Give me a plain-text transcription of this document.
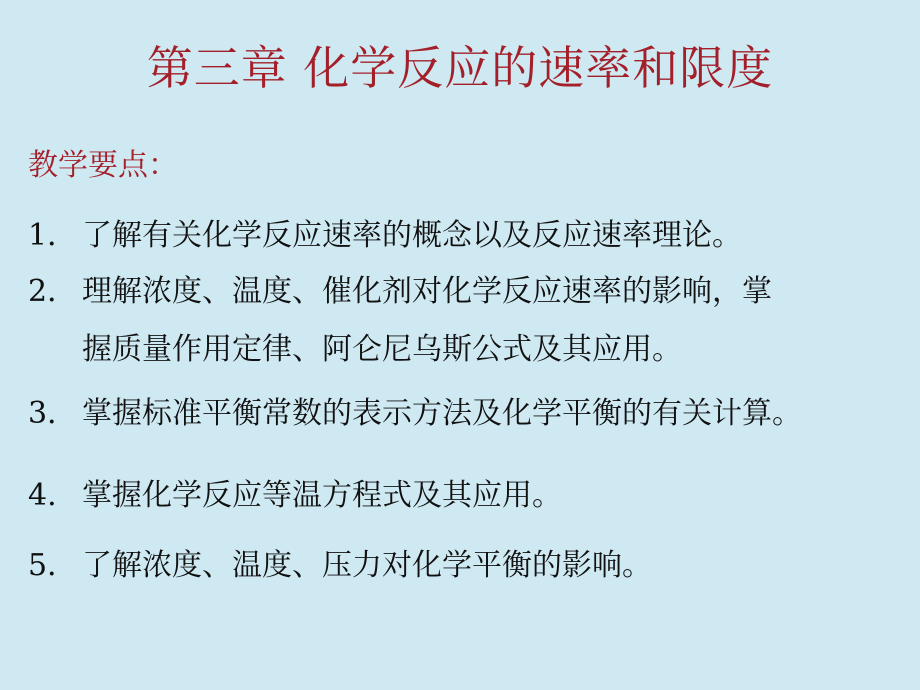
第三章 化学反应的速率和限度
教学要点：
1． 了解有关化学反应速率的概念以及反应速率理论。
2． 理解浓度、温度、催化剂对化学反应速率的影响，掌
握质量作用定律、阿仑尼乌斯公式及其应用。
3． 掌握标准平衡常数的表示方法及化学平衡的有关计算。
4. 掌握化学反应等温方程式及其应用。
5． 了解浓度、温度、压力对化学平衡的影响。
